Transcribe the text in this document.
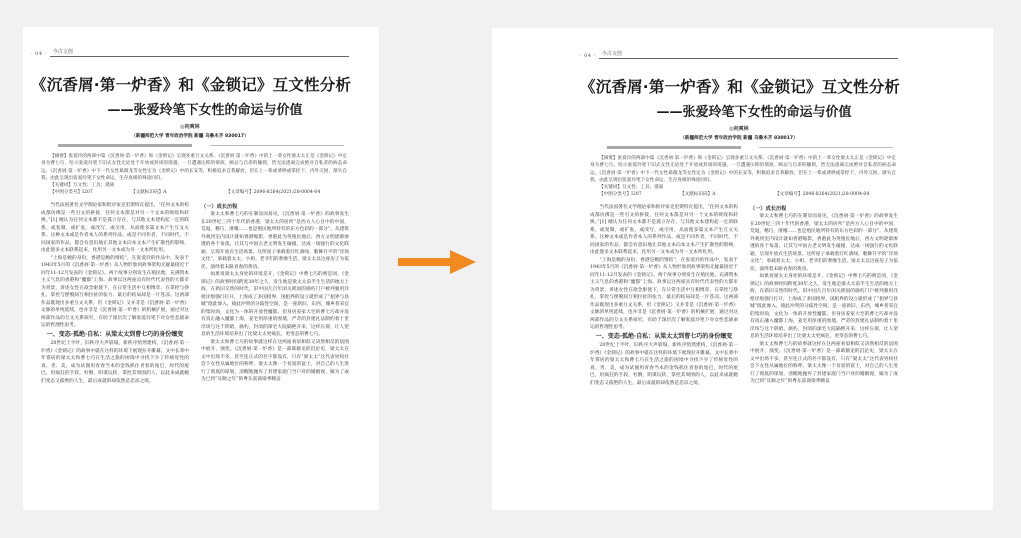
· 04 · 今古文创
《沉香屑·第一炉香》和《金锁记》互文性分析
——张爱玲笔下女性的命运与价值
◎向爽林
（新疆师范大学 青年政治学院 新疆 乌鲁木齐 830017）
【摘要】张爱玲的两部中篇《沉香屑·第一炉香》和《金锁记》呈现多重互文关系。《沉香屑·第一炉香》中的上一辈女性梁太太正是《金锁记》中定身为曹七巧，哈示张爱玲笔下旧式女性无论处于开放或封闭的境遇，一旦遭遇压抑的情欲、顾忌与自虐的枷锁，皆无法逃离完成绝对自私者的病态命运。《沉香屑·第一炉香》中下一代女性葛薇龙等女性定为《金锁记》中的长安等，积极追求自我解放，但在上一辈或诱哄或掌控下，内外交困，渐失自我。由此呈现出张爱玲笔下女性命运，生存真相的殊途同归。
【关键词】互文性；工具；遁离
【中图分类号】I207	【文献标识码】A	【文章编号】2096-8264(2021)28-0004-04

当代法国著名文学理论家和批评家克里斯特瓦提出，“任何文本的构成都仿佛是一些引文的拼接，任何文本都是对另一个文本的吸收和转换。”[1] 她认为任何文本都不是孤立存在，与其他文本建构起一定的联系，或复制，或扩张，或改写，或引用，从而使多篇文本产生互文关系。这种文本或是作者本人的系列作品，或是不同作者、不同时代、不同国家的作品，都会有意识地让其他文本向本文本产生扩散性的影响，由此使多文本联系起来，化用另一文本成为另一文本所化用。

“上海是她的身份，香港是她的情结”，在张爱玲的作品中，发表于1943年5月的《沉香屑·第一炉香》从人物形象到故事架构无疑最接近于同年11-12月发表的《金锁记》。两个故事分别发生在殖民地、充满资本主义气息的香港和“魔都”上海。故事以这两座具有时代代表性的大都市为背景，讲述女性在欲念驱使下，在日常生活中互相博弈、在掌控与挣扎、掌控与摆脱间互相拉扯的张力、最后的结局却是一片苍凉。这两部作品既现出多重互文关系，但《金锁记》又并非是《沉香屑·第一炉香》文脉的单纯延续，也并非是《沉香屑·第一炉香》的机械扩展，通过对这两部作品的互文关系探究，有助于深层次了解张爱玲笔下对女性悲剧命运的哲理性思考。

一、变态·孤绝·自私：从梁太太到曹七巧的身份嬗变

20世纪上半叶，旧秩序大声崩塌，新秩序悄然建构，《沉香屑·第一炉香》《金锁记》的故事中就在这样的环境下展现拉开帷幕，文中长辈中年寡居的梁太太和曹七巧在生活之旅的困境中寻找下少了传统母性的真、善、美，成为试图用青春当本的金钱抓住青春的尾巴，时代的尾巴，用疯狂的手段，枉倒，阴谋玩转，掌控其周围的人，以此来成就她们变态又孤绝的人生，最后成就的却依然是悲凉之境。

（一）成长历程

梁太太和曹七巧的在制显而易见，《沉香屑·第一炉香》的故事发生在20世纪三四十年代的香港，梁太太的居所“是西方人心目中的中国，荒诞，精巧，滑稽……也是殖民地所特有的东方色彩的一部分”。从建筑外观到室内设计就如香港缩影，香港此为英殖民地后，西方文明逐渐渗透的各个角落，让其与中国古老文明发生碰撞，达成一场强行的文化联通，呈现开放式生活场景。这所屋子承载着灯红酒绿，歌舞升平的“洋场文化”，承载着太太、小姐、老爷们的奢靡生活，梁太太以这座房子为依托，演绎着末路青春的黄昏。

如果说梁太太身处的环境是开，《金锁记》中曹七巧的则是闭，《金锁记》的故事时间跨度30年之久，发生地是梁太太前半生生活的地方上海，在新旧交替的时代，旧中国几百年闭关锁国的腐朽门户被列强用洋枪洋炮强行打开，上海成了多国租界，国租界的设立就形成了“租界与县城”既此渗入，彼此冲突的分歧性空间，是一座新旧，东西，城乡普采宜的集时尚，文化为一体的开放性魔都。但身居姜家大宅的曹七巧却并没有真正融入魔都上海，姜宅用厚重的围墙，严苛的封建礼法制约着十里洋场与这个阴暗，腐朽，封闭的深宅大院隔绝开来，这样压抑，让人窒息的生活环境培养出了比梁太太更疯狂，更变态的曹七巧。

梁太太和曹七巧的故事就这样在这两座看似相似又决然相反的氛围中展开，演变。《沉香屑·第一炉香》是一部葛薇龙的沉沦史，梁太太在文中出场不多，甚至连正式的名字都没有，只有“梁太太”这代表男权社会下女性从属地位的称呼。梁太太像一个贫富的富士，对自己的人生进行了彻底的谋划，清醒地抛弃了封建家庭门当户对的婚姻观，嫁为了成为已到“耳顺之年”的粤东富商梁季腾妾

· 04 · 今古文创
《沉香屑·第一炉香》和《金锁记》互文性分析
——张爱玲笔下女性的命运与价值
◎向爽林
（新疆师范大学 青年政治学院 新疆 乌鲁木齐 830017）
【摘要】张爱玲的两部中篇《沉香屑·第一炉香》和《金锁记》呈现多重互文关系。《沉香屑·第一炉香》中的上一辈女性梁太太正是《金锁记》中定身为曹七巧，哈示张爱玲笔下旧式女性无论处于开放或封闭的境遇，一旦遭遇压抑的情欲、顾忌与自虐的枷锁，皆无法逃离完成绝对自私者的病态命运。《沉香屑·第一炉香》中下一代女性葛薇龙等女性定为《金锁记》中的长安等，积极追求自我解放，但在上一辈或诱哄或掌控下，内外交困，渐失自我。由此呈现出张爱玲笔下女性命运，生存真相的殊途同归。
【关键词】互文性；工具；遁离
【中图分类号】I207	【文献标识码】A	【文章编号】2096-8264(2021)28-0004-04

当代法国著名文学理论家和批评家克里斯特瓦提出，“任何文本的构成都仿佛是一些引文的拼接，任何文本都是对另一个文本的吸收和转换。”[1] 她认为任何文本都不是孤立存在，与其他文本建构起一定的联系，或复制，或扩张，或改写，或引用，从而使多篇文本产生互文关系。这种文本或是作者本人的系列作品，或是不同作者、不同时代、不同国家的作品，都会有意识地让其他文本向本文本产生扩散性的影响，由此使多文本联系起来，化用另一文本成为另一文本所化用。

“上海是她的身份，香港是她的情结”，在张爱玲的作品中，发表于1943年5月的《沉香屑·第一炉香》从人物形象到故事架构无疑最接近于同年11-12月发表的《金锁记》。两个故事分别发生在殖民地、充满资本主义气息的香港和“魔都”上海。故事以这两座具有时代代表性的大都市为背景，讲述女性在欲念驱使下，在日常生活中互相博弈、在掌控与挣扎、掌控与摆脱间互相拉扯的张力、最后的结局却是一片苍凉。这两部作品既现出多重互文关系，但《金锁记》又并非是《沉香屑·第一炉香》文脉的单纯延续，也并非是《沉香屑·第一炉香》的机械扩展，通过对这两部作品的互文关系探究，有助于深层次了解张爱玲笔下对女性悲剧命运的哲理性思考。

一、变态·孤绝·自私：从梁太太到曹七巧的身份嬗变

20世纪上半叶，旧秩序大声崩塌，新秩序悄然建构，《沉香屑·第一炉香》《金锁记》的故事中就在这样的环境下展现拉开帷幕，文中长辈中年寡居的梁太太和曹七巧在生活之旅的困境中寻找下少了传统母性的真、善、美，成为试图用青春当本的金钱抓住青春的尾巴，时代的尾巴，用疯狂的手段，枉倒，阴谋玩转，掌控其周围的人，以此来成就她们变态又孤绝的人生，最后成就的却依然是悲凉之境。

（一）成长历程

梁太太和曹七巧的在制显而易见，《沉香屑·第一炉香》的故事发生在20世纪三四十年代的香港，梁太太的居所“是西方人心目中的中国，荒诞，精巧，滑稽……也是殖民地所特有的东方色彩的一部分”。从建筑外观到室内设计就如香港缩影，香港此为英殖民地后，西方文明逐渐渗透的各个角落，让其与中国古老文明发生碰撞，达成一场强行的文化联通，呈现开放式生活场景。这所屋子承载着灯红酒绿，歌舞升平的“洋场文化”，承载着太太、小姐、老爷们的奢靡生活，梁太太以这座房子为依托，演绎着末路青春的黄昏。

如果说梁太太身处的环境是开，《金锁记》中曹七巧的则是闭，《金锁记》的故事时间跨度30年之久，发生地是梁太太前半生生活的地方上海，在新旧交替的时代，旧中国几百年闭关锁国的腐朽门户被列强用洋枪洋炮强行打开，上海成了多国租界，国租界的设立就形成了“租界与县城”既此渗入，彼此冲突的分歧性空间，是一座新旧，东西，城乡普采宜的集时尚，文化为一体的开放性魔都。但身居姜家大宅的曹七巧却并没有真正融入魔都上海，姜宅用厚重的围墙，严苛的封建礼法制约着十里洋场与这个阴暗，腐朽，封闭的深宅大院隔绝开来，这样压抑，让人窒息的生活环境培养出了比梁太太更疯狂，更变态的曹七巧。

梁太太和曹七巧的故事就这样在这两座看似相似又决然相反的氛围中展开，演变。《沉香屑·第一炉香》是一部葛薇龙的沉沦史，梁太太在文中出场不多，甚至连正式的名字都没有，只有“梁太太”这代表男权社会下女性从属地位的称呼。梁太太像一个贫富的富士，对自己的人生进行了彻底的谋划，清醒地抛弃了封建家庭门当户对的婚姻观，嫁为了成为已到“耳顺之年”的粤东富商梁季腾妾
